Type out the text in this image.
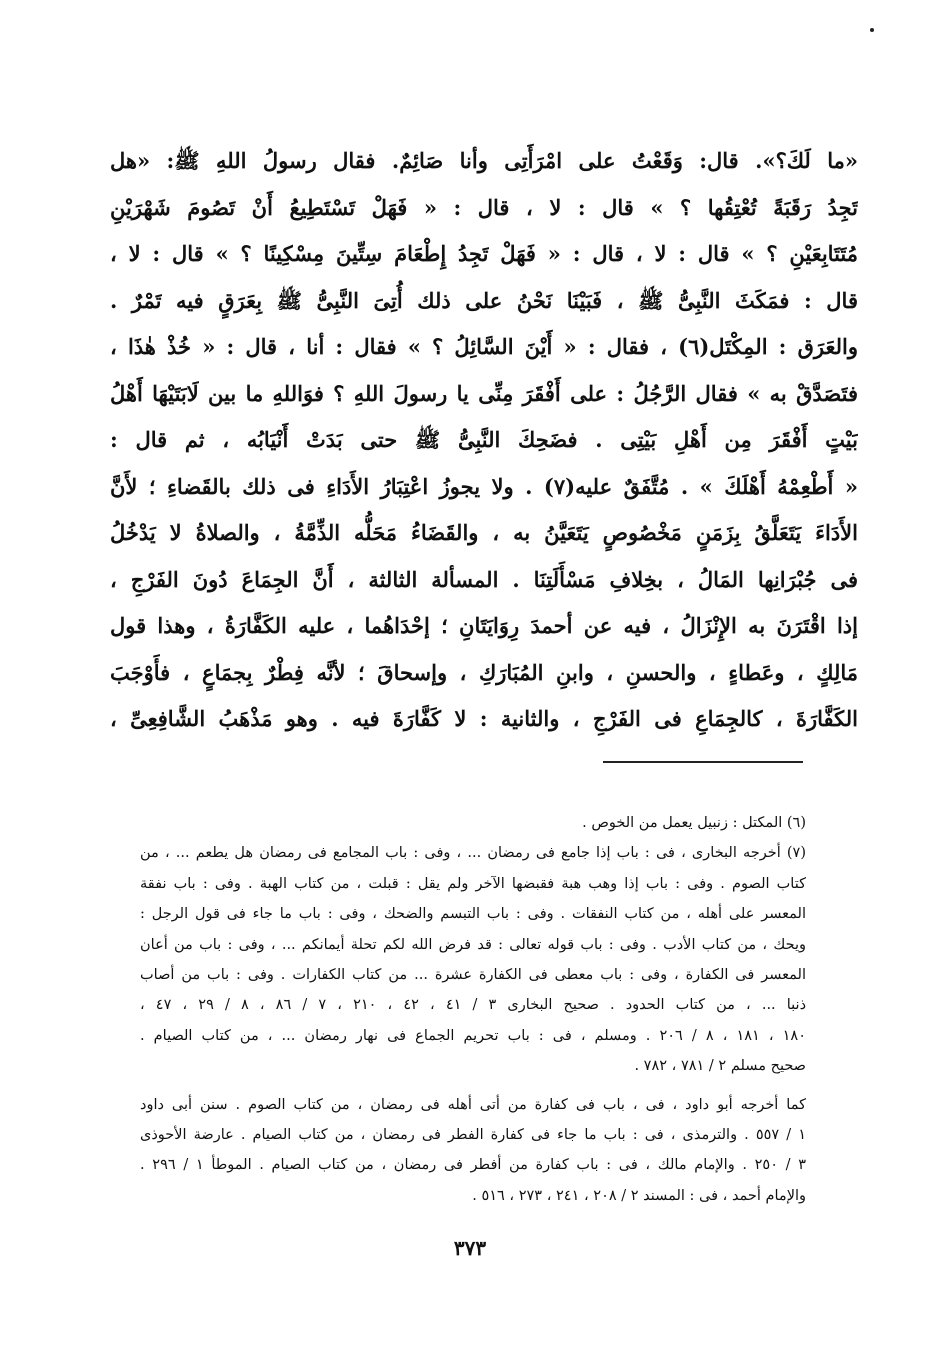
«ما لَكَ؟». قال: وَقَعْتُ على امْرَأَتِى وأنا صَائِمٌ. فقال رسولُ اللهِ ﷺ: «هل
تَجِدُ رَقَبَةً تُعْتِقُها ؟ » قال : لا ، قال : « فَهَلْ تَسْتَطِيعُ أَنْ تَصُومَ شَهْرَيْنِ
مُتَتَابِعَيْنِ ؟ » قال : لا ، قال : « فَهَلْ تَجِدُ إِطْعَامَ سِتِّينَ مِسْكِينًا ؟ » قال : لا ،
قال : فمَكَثَ النَّبِىُّ ﷺ ، فَبَيْنَا نَحْنُ على ذلك أُتِىَ النَّبِىُّ ﷺ بِعَرَقٍ فيه تَمْرٌ .
والعَرَق : المِكْتَل(٦) ، فقال : « أَيْنَ السَّائِلُ ؟ » فقال : أنا ، قال : « خُذْ هٰذَا ،
فتَصَدَّقْ به » فقال الرَّجُلُ : على أَفْقَرَ مِنِّى يا رسولَ اللهِ ؟ فوَاللهِ ما بين لَابَتَيْهَا أَهْلُ
بَيْتٍ أَفْقَرَ مِن أَهْلِ بَيْتِى . فضَحِكَ النَّبِىُّ ﷺ حتى بَدَتْ أَنْيَابُه ، ثم قال :
« أَطْعِمْهُ أَهْلَكَ » . مُتَّفَقٌ عليه(٧) . ولا يجوزُ اعْتِبَارُ الأَدَاءِ فى ذلك بالقَضاءِ ؛ لأَنَّ
الأَدَاءَ يَتَعَلَّقُ بِزَمَنٍ مَخْصُوصٍ يَتَعَيَّنُ به ، والقَضَاءُ مَحَلُّه الذِّمَّةُ ، والصلاةُ لا يَدْخُلُ
فى جُبْرَانِها المَالُ ، بخِلافِ مَسْأَلَتِنَا . المسألة الثالثة ، أَنَّ الجِمَاعَ دُونَ الفَرْجِ ،
إذا اقْتَرَنَ به الإِنْزَالُ ، فيه عن أحمدَ رِوَايَتَانِ ؛ إحْدَاهُما ، عليه الكَفَّارَةُ ، وهذا قول
مَالِكٍ ، وعَطاءٍ ، والحسنِ ، وابنِ المُبَارَكِ ، وإسحاقَ ؛ لأنَّه فِطْرٌ بِجمَاعٍ ، فأَوْجَبَ
الكَفَّارَةَ ، كالجِمَاعِ فى الفَرْجِ ، والثانية : لا كَفَّارَةَ فيه . وهو مَذْهَبُ الشَّافِعِىِّ ،
(٦) المكتل : زنبيل يعمل من الخوص .
(٧) أخرجه البخارى ، فى : باب إذا جامع فى رمضان ... ، وفى : باب المجامع فى رمضان هل يطعم ... ، من
كتاب الصوم . وفى : باب إذا وهب هبة فقبضها الآخر ولم يقل : قبلت ، من كتاب الهبة . وفى : باب نفقة
المعسر على أهله ، من كتاب النفقات . وفى : باب التبسم والضحك ، وفى : باب ما جاء فى قول الرجل :
ويحك ، من كتاب الأدب . وفى : باب قوله تعالى : قد فرض الله لكم تحلة أيمانكم ... ، وفى : باب من أعان
المعسر فى الكفارة ، وفى : باب معطى فى الكفارة عشرة ... من كتاب الكفارات . وفى : باب من أصاب
ذنبا ... ، من كتاب الحدود . صحيح البخارى ٣ / ٤١ ، ٤٢ ، ٢١٠ ، ٧ / ٨٦ ، ٨ / ٢٩ ، ٤٧ ،
١٨٠ ، ١٨١ ، ٨ / ٢٠٦ . ومسلم ، فى : باب تحريم الجماع فى نهار رمضان ... ، من كتاب الصيام .
صحيح مسلم ٢ / ٧٨١ ، ٧٨٢ .
كما أخرجه أبو داود ، فى ، باب فى كفارة من أتى أهله فى رمضان ، من كتاب الصوم . سنن أبى داود
١ / ٥٥٧ . والترمذى ، فى : باب ما جاء فى كفارة الفطر فى رمضان ، من كتاب الصيام . عارضة الأحوذى
٣ / ٢٥٠ . والإمام مالك ، فى : باب كفارة من أفطر فى رمضان ، من كتاب الصيام . الموطأ ١ / ٢٩٦ .
والإمام أحمد ، فى : المسند ٢ / ٢٠٨ ، ٢٤١ ، ٢٧٣ ، ٥١٦ .
٣٧٣
